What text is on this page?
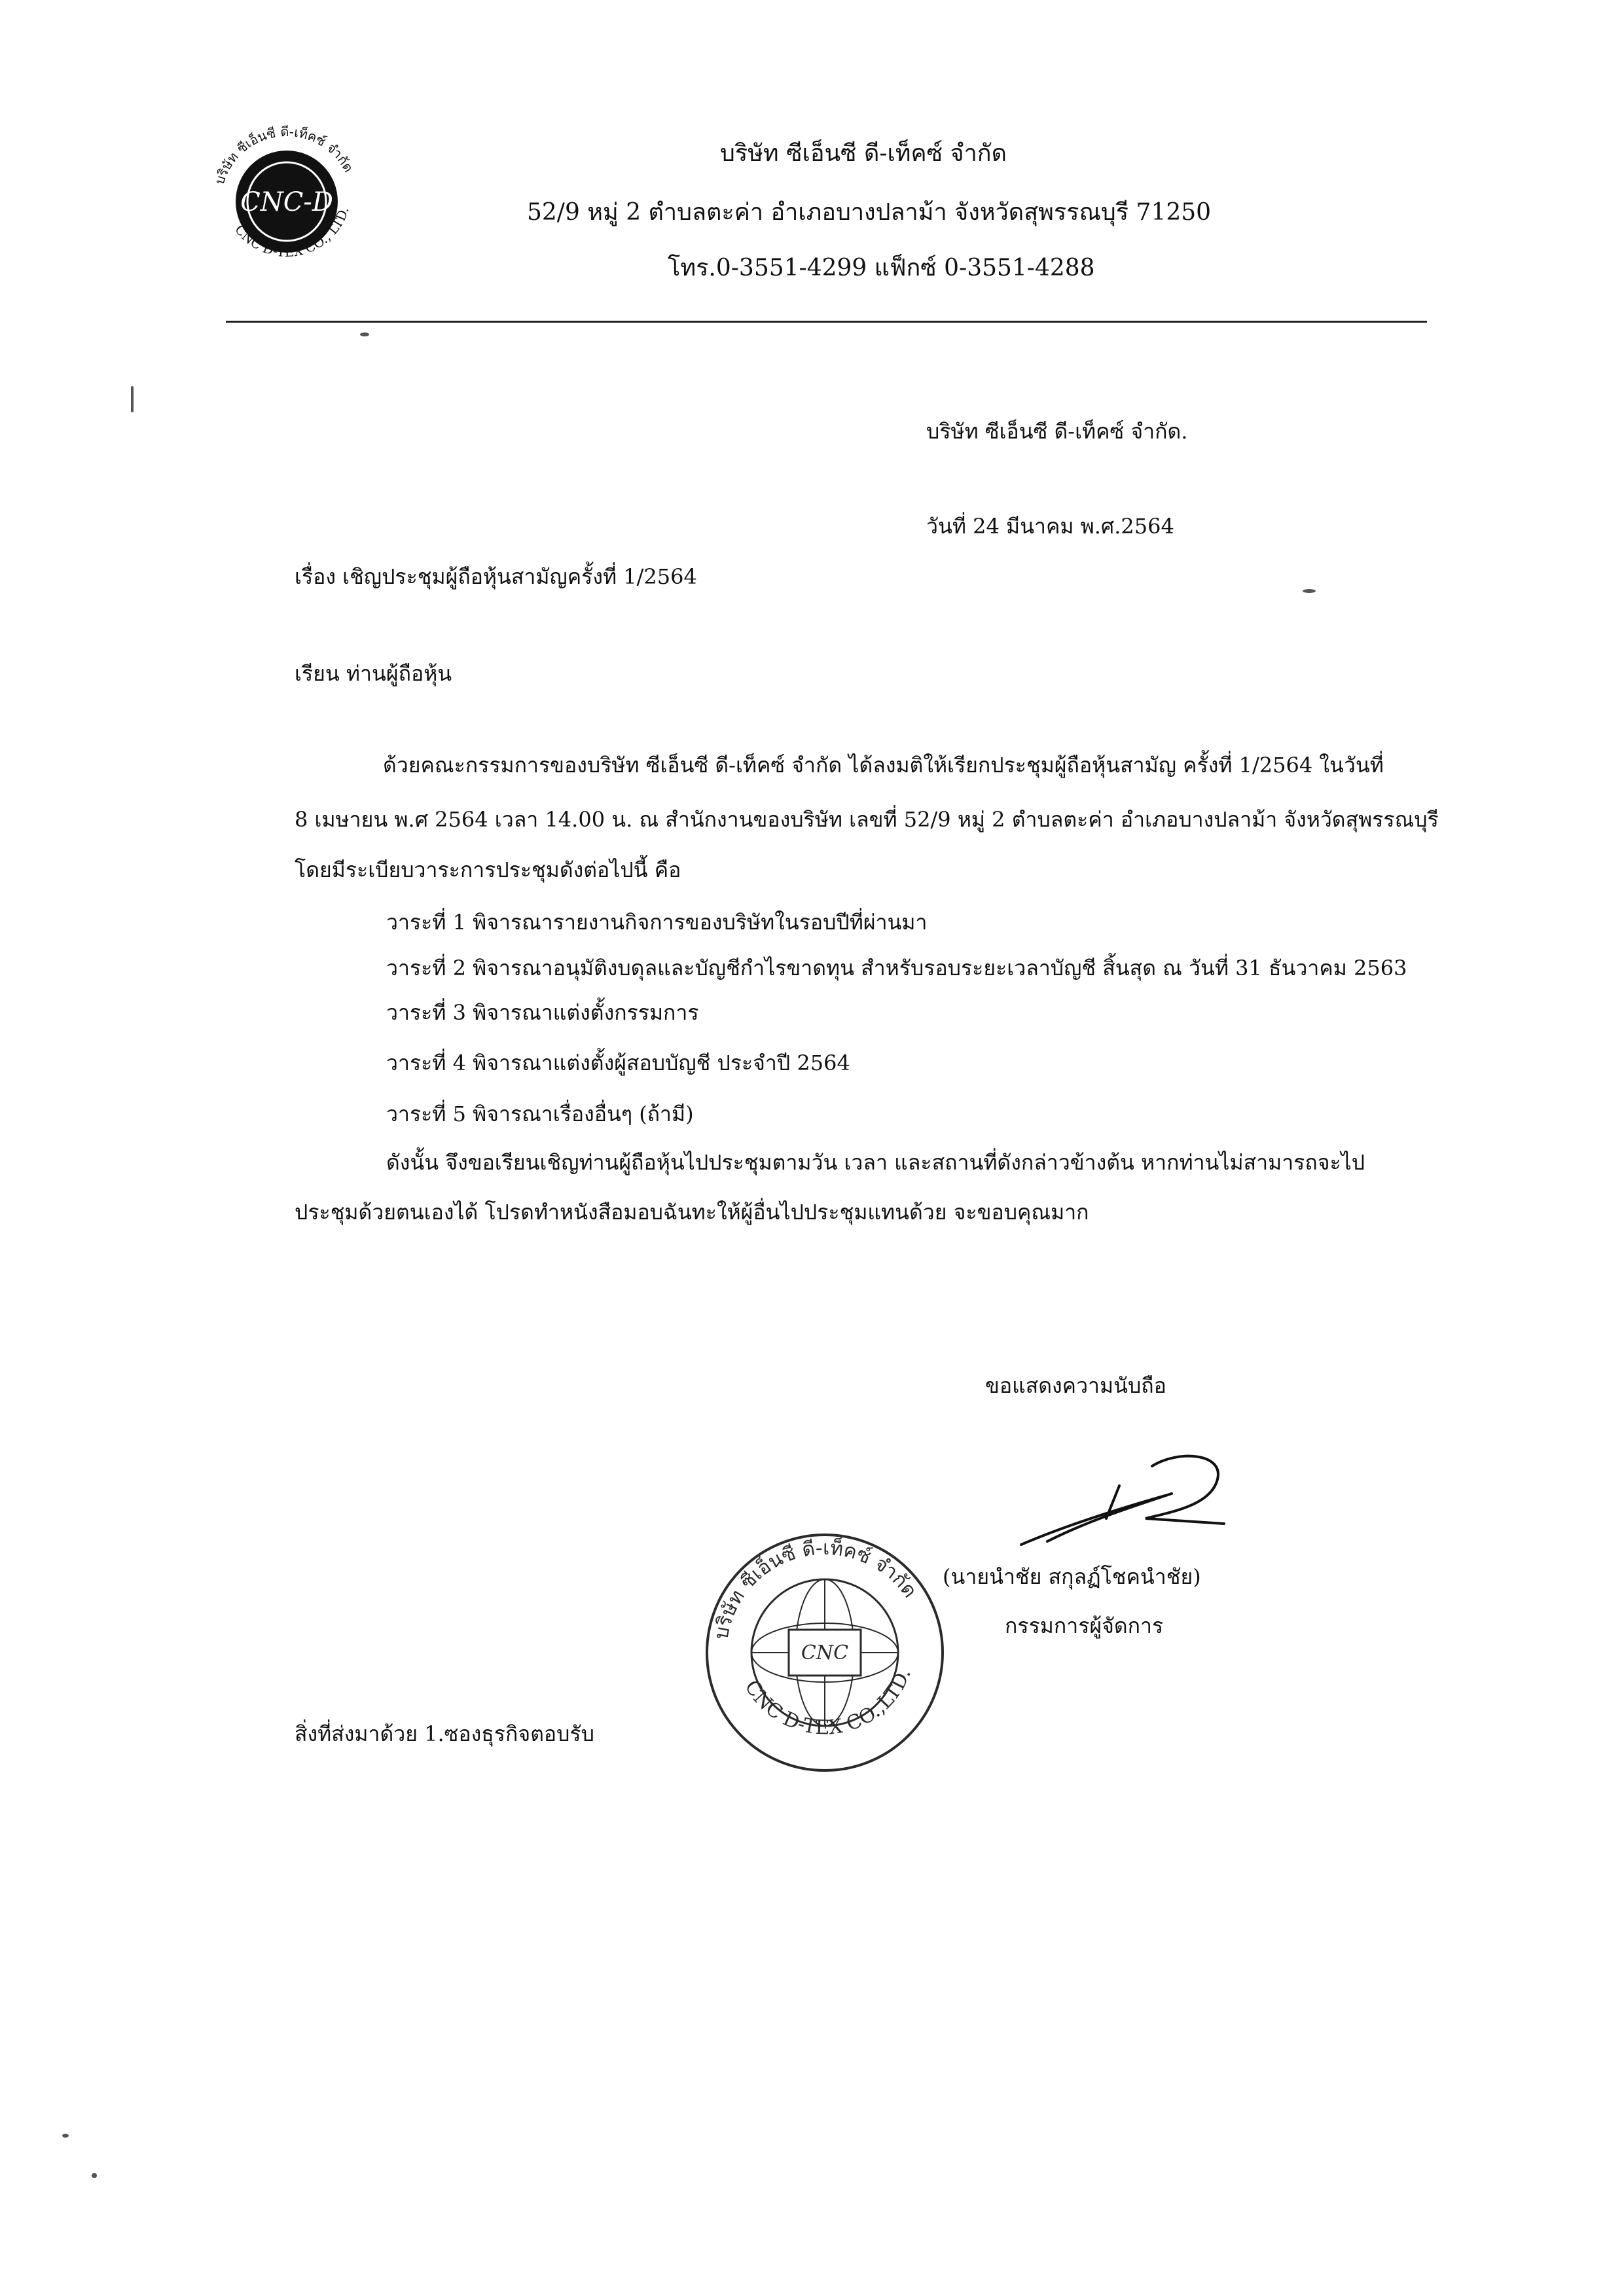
CNC-D
บริษัท ซีเอ็นซี ดี-เท็คซ์ จำกัด
CNC D-TEX CO., LTD.
บริษัท ซีเอ็นซี ดี-เท็คซ์ จำกัด
52/9 หมู่ 2 ตำบลตะค่า อำเภอบางปลาม้า จังหวัดสุพรรณบุรี 71250
โทร.0-3551-4299 แฟ็กซ์ 0-3551-4288
บริษัท ซีเอ็นซี ดี-เท็คซ์ จำกัด.
วันที่ 24 มีนาคม พ.ศ.2564
เรื่อง เชิญประชุมผู้ถือหุ้นสามัญครั้งที่ 1/2564
เรียน ท่านผู้ถือหุ้น
ด้วยคณะกรรมการของบริษัท ซีเอ็นซี ดี-เท็คซ์ จำกัด ได้ลงมติให้เรียกประชุมผู้ถือหุ้นสามัญ ครั้งที่ 1/2564 ในวันที่
8 เมษายน พ.ศ 2564 เวลา 14.00 น. ณ สำนักงานของบริษัท เลขที่ 52/9 หมู่ 2 ตำบลตะค่า อำเภอบางปลาม้า จังหวัดสุพรรณบุรี
โดยมีระเบียบวาระการประชุมดังต่อไปนี้ คือ
วาระที่ 1 พิจารณารายงานกิจการของบริษัทในรอบปีที่ผ่านมา
วาระที่ 2 พิจารณาอนุมัติงบดุลและบัญชีกำไรขาดทุน สำหรับรอบระยะเวลาบัญชี สิ้นสุด ณ วันที่ 31 ธันวาคม 2563
วาระที่ 3 พิจารณาแต่งตั้งกรรมการ
วาระที่ 4 พิจารณาแต่งตั้งผู้สอบบัญชี ประจำปี 2564
วาระที่ 5 พิจารณาเรื่องอื่นๆ (ถ้ามี)
ดังนั้น จึงขอเรียนเชิญท่านผู้ถือหุ้นไปประชุมตามวัน เวลา และสถานที่ดังกล่าวข้างต้น หากท่านไม่สามารถจะไป
ประชุมด้วยตนเองได้ โปรดทำหนังสือมอบฉันทะให้ผู้อื่นไปประชุมแทนด้วย จะขอบคุณมาก
ขอแสดงความนับถือ
(นายนำชัย สกุลฏ์โชคนำชัย)
กรรมการผู้จัดการ
CNC
บริษัท ซีเอ็นซี ดี-เท็คซ์ จำกัด
CNC D-TEX CO.,LTD.
สิ่งที่ส่งมาด้วย 1.ซองธุรกิจตอบรับ
